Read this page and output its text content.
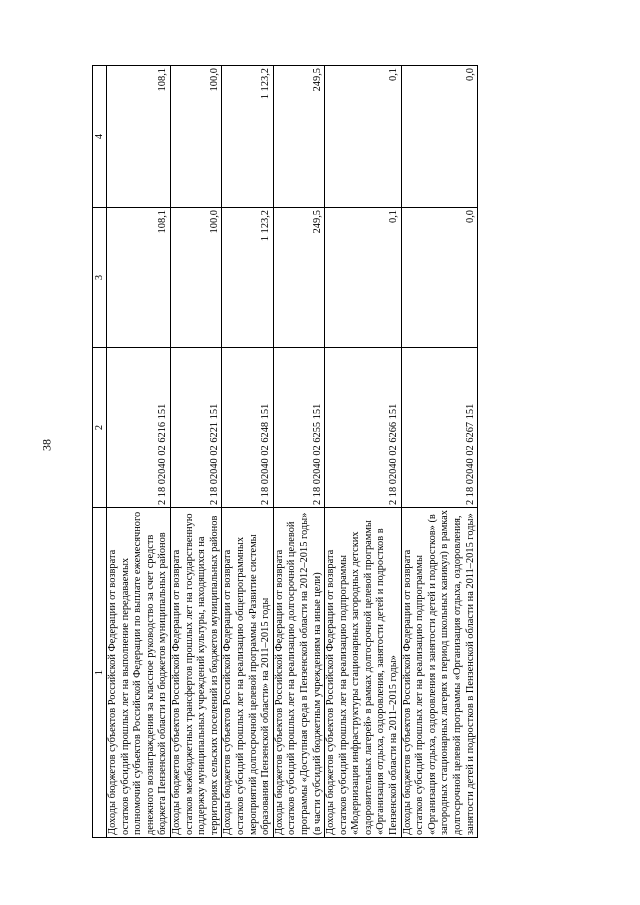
38
1	2	3	4
Доходы бюджетов субъектов Российской Федерации от возврата остатков субсидий прошлых лет на выполнение передаваемых полномочий субъектов Российской Федерации по выплате ежемесячного денежного вознаграждения за классное руководство за счет средств бюджета Пензенской области из бюджетов муниципальных районов	2 18 02040 02 6216 151	108,1	108,1
Доходы бюджетов субъектов Российской Федерации от возврата остатков межбюджетных трансфертов прошлых лет на государственную поддержку муниципальных учреждений культуры, находящихся на территориях сельских поселений из бюджетов муниципальных районов	2 18 02040 02 6221 151	100,0	100,0
Доходы бюджетов субъектов Российской Федерации от возврата остатков субсидий прошлых лет на реализацию общепрограммных мероприятий долгосрочной целевой программы «Развитие системы образования Пензенской области» на 2011–2015 годы	2 18 02040 02 6248 151	1 123,2	1 123,2
Доходы бюджетов субъектов Российской Федерации от возврата остатков субсидий прошлых лет на реализацию долгосрочной целевой программы «Доступная среда в Пензенской области на 2012–2015 годы» (в части субсидий бюджетным учреждениям на иные цели)	2 18 02040 02 6255 151	249,5	249,5
Доходы бюджетов субъектов Российской Федерации от возврата остатков субсидий прошлых лет на реализацию подпрограммы «Модернизация инфраструктуры стационарных загородных детских оздоровительных лагерей» в рамках долгосрочной целевой программы «Организация отдыха, оздоровления, занятости детей и подростков в Пензенской области на 2011–2015 годы»	2 18 02040 02 6266 151	0,1	0,1
Доходы бюджетов субъектов Российской Федерации от возврата остатков субсидий прошлых лет на реализацию подпрограммы «Организация отдыха, оздоровления и занятости детей и подростков» (в загородных стационарных лагерях в период школьных каникул) в рамках долгосрочной целевой программы «Организация отдыха, оздоровления, занятости детей и подростков в Пензенской области на 2011–2015 годы»	2 18 02040 02 6267 151	0,0	0,0
